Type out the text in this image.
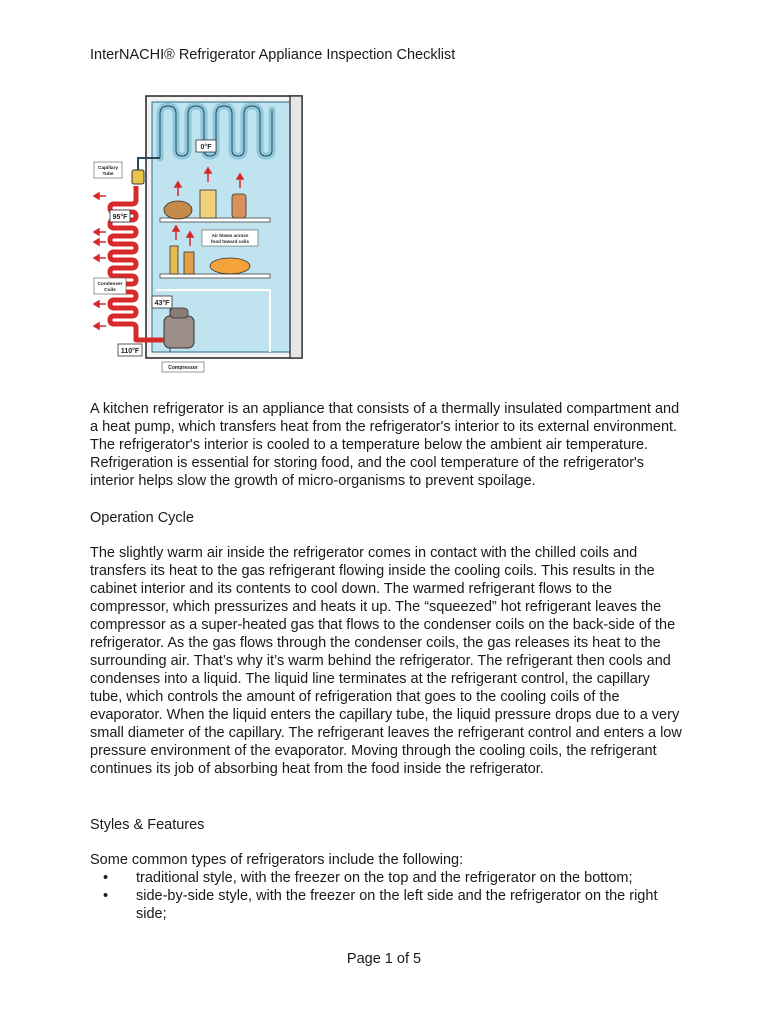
InterNACHI® Refrigerator Appliance Inspection Checklist
Air blows across
food toward coils
0°F
Capillary
Tube
95°F
Condenser
Coils
43°F
110°F
Compressor

A kitchen refrigerator is an appliance that consists of a thermally insulated compartment and a heat pump, which transfers heat from the refrigerator's interior to its external environment. The refrigerator's interior is cooled to a temperature below the ambient air temperature. Refrigeration is essential for storing food, and the cool temperature of the refrigerator's interior helps slow the growth of micro-organisms to prevent spoilage.

Operation Cycle

The slightly warm air inside the refrigerator comes in contact with the chilled coils and transfers its heat to the gas refrigerant flowing inside the cooling coils. This results in the cabinet interior and its contents to cool down. The warmed refrigerant flows to the compressor, which pressurizes and heats it up. The “squeezed” hot refrigerant leaves the compressor as a super-heated gas that flows to the condenser coils on the back-side of the refrigerator. As the gas flows through the condenser coils, the gas releases its heat to the surrounding air. That’s why it’s warm behind the refrigerator. The refrigerant then cools and condenses into a liquid. The liquid line terminates at the refrigerant control, the capillary tube, which controls the amount of refrigeration that goes to the cooling coils of the evaporator. When the liquid enters the capillary tube, the liquid pressure drops due to a very small diameter of the capillary. The refrigerant leaves the refrigerant control and enters a low pressure environment of the evaporator. Moving through the cooling coils, the refrigerant continues its job of absorbing heat from the food inside the refrigerator.

Styles & Features

Some common types of refrigerators include the following:

• traditional style, with the freezer on the top and the refrigerator on the bottom;
• side-by-side style, with the freezer on the left side and the refrigerator on the right side;
Page 1 of 5
